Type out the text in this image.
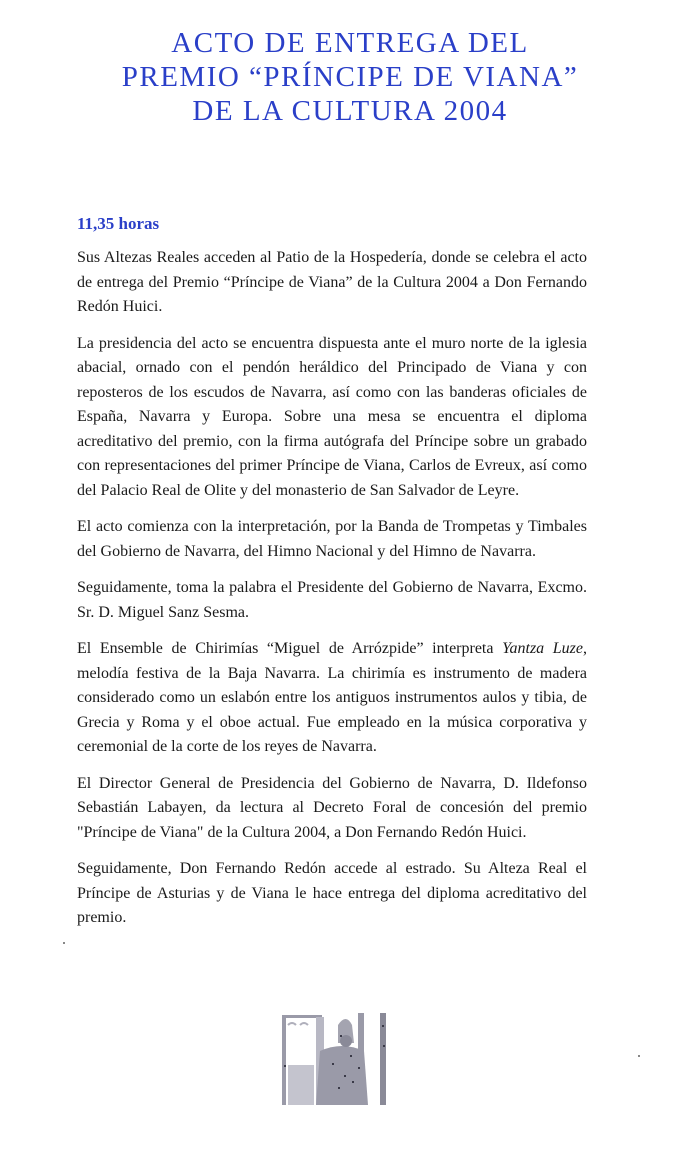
ACTO DE ENTREGA DEL
PREMIO “PRÍNCIPE DE VIANA”
DE LA CULTURA 2004
11,35 horas

Sus Altezas Reales acceden al Patio de la Hospedería, donde se celebra el acto de entrega del Premio “Príncipe de Viana” de la Cultura 2004 a Don Fernando Redón Huici.

La presidencia del acto se encuentra dispuesta ante el muro norte de la iglesia abacial, ornado con el pendón heráldico del Principado de Viana y con reposteros de los escudos de Navarra, así como con las banderas oficiales de España, Navarra y Europa. Sobre una mesa se encuentra el diploma acreditativo del premio, con la firma autógrafa del Príncipe sobre un grabado con representaciones del primer Príncipe de Viana, Carlos de Evreux, así como del Palacio Real de Olite y del monasterio de San Salvador de Leyre.

El acto comienza con la interpretación, por la Banda de Trompetas y Timbales del Gobierno de Navarra, del Himno Nacional y del Himno de Navarra.

Seguidamente, toma la palabra el Presidente del Gobierno de Navarra, Excmo. Sr. D. Miguel Sanz Sesma.

El Ensemble de Chirimías “Miguel de Arrózpide” interpreta Yantza Luze, melodía festiva de la Baja Navarra. La chirimía es instrumento de madera considerado como un eslabón entre los antiguos instrumentos aulos y tibia, de Grecia y Roma y el oboe actual. Fue empleado en la música corporativa y ceremonial de la corte de los reyes de Navarra.

El Director General de Presidencia del Gobierno de Navarra, D. Ildefonso Sebastián Labayen, da lectura al Decreto Foral de concesión del premio "Príncipe de Viana" de la Cultura 2004, a Don Fernando Redón Huici.

Seguidamente, Don Fernando Redón accede al estrado. Su Alteza Real el Príncipe de Asturias y de Viana le hace entrega del diploma acreditativo del premio.
